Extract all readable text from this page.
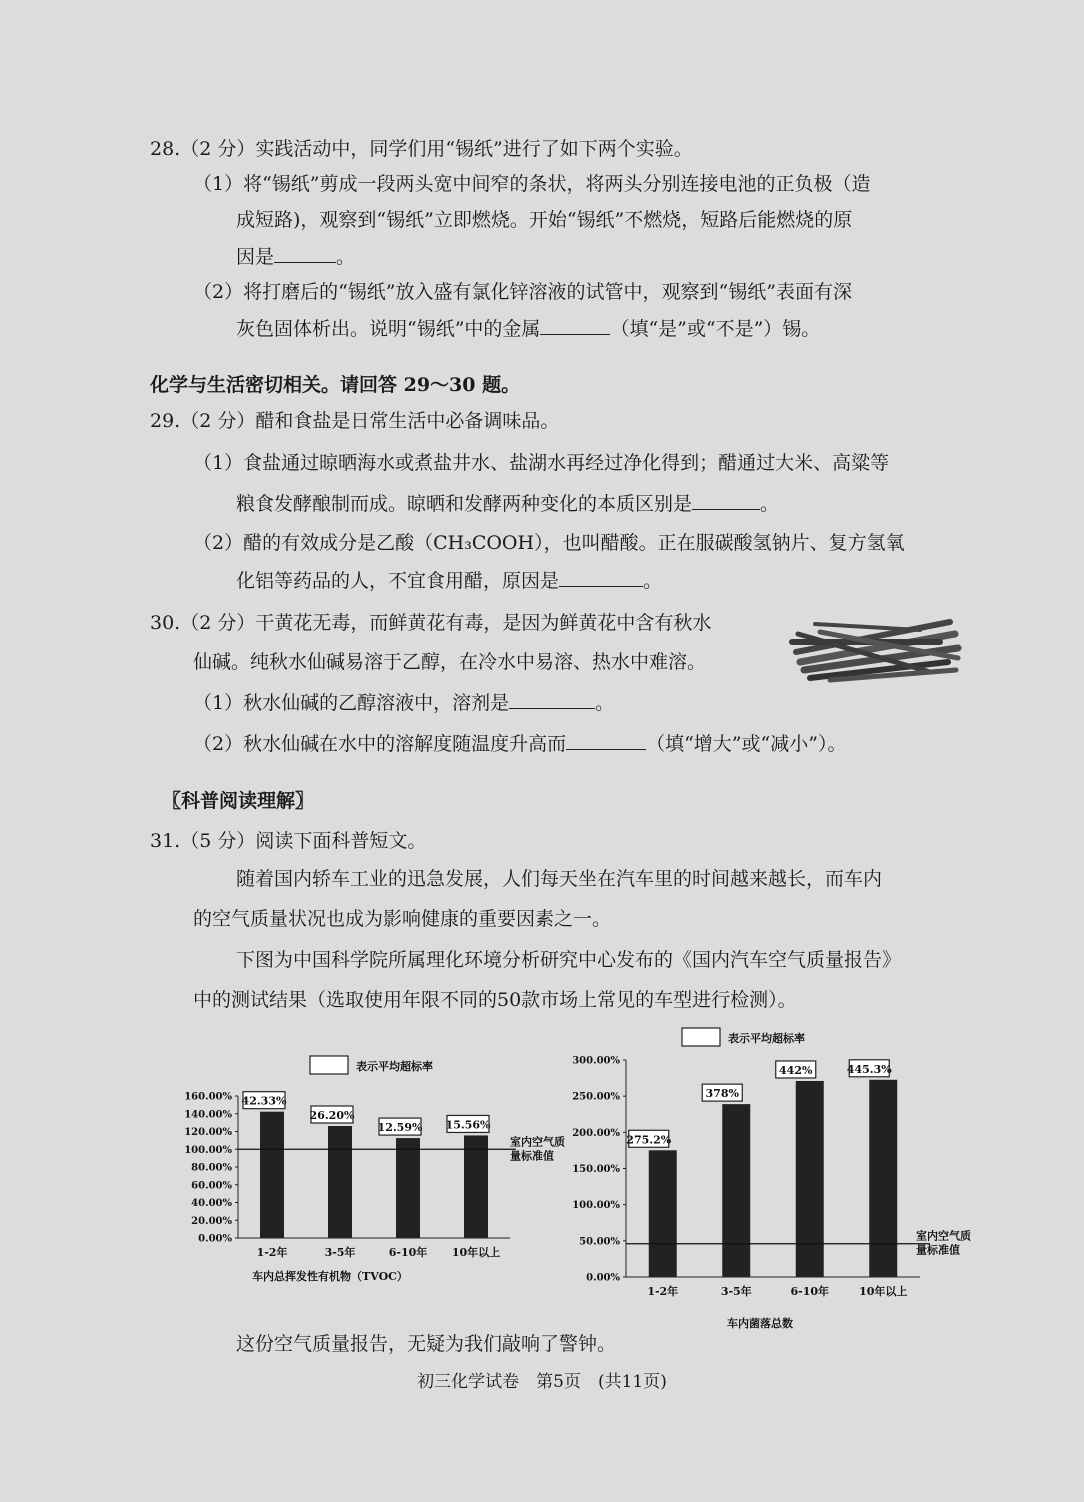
28.（2 分）实践活动中，同学们用“锡纸”进行了如下两个实验。
（1）将“锡纸”剪成一段两头宽中间窄的条状，将两头分别连接电池的正负极（造
成短路)，观察到“锡纸”立即燃烧。开始“锡纸”不燃烧，短路后能燃烧的原
因是	。
（2）将打磨后的“锡纸”放入盛有氯化锌溶液的试管中，观察到“锡纸”表面有深
灰色固体析出。说明“锡纸”中的金属	（填“是”或“不是”）锡。
化学与生活密切相关。请回答 29～30 题。
29.（2 分）醋和食盐是日常生活中必备调味品。
（1）食盐通过晾晒海水或煮盐井水、盐湖水再经过净化得到；醋通过大米、高粱等
粮食发酵酿制而成。晾晒和发酵两种变化的本质区别是	。
（2）醋的有效成分是乙酸（CH₃COOH），也叫醋酸。正在服碳酸氢钠片、复方氢氧
化铝等药品的人，不宜食用醋，原因是	。
30.（2 分）干黄花无毒，而鲜黄花有毒，是因为鲜黄花中含有秋水
仙碱。纯秋水仙碱易溶于乙醇，在冷水中易溶、热水中难溶。
（1）秋水仙碱的乙醇溶液中，溶剂是	。
（2）秋水仙碱在水中的溶解度随温度升高而	（填“增大”或“减小”）。
〖科普阅读理解〗
31.（5 分）阅读下面科普短文。
随着国内轿车工业的迅急发展，人们每天坐在汽车里的时间越来越长，而车内
的空气质量状况也成为影响健康的重要因素之一。
下图为中国科学院所属理化环境分析研究中心发布的《国内汽车空气质量报告》
中的测试结果（选取使用年限不同的50款市场上常见的车型进行检测）。
表示平均超标率
0.00%
20.00%
40.00%
60.00%
80.00%
100.00%
120.00%
140.00%
160.00% 42.33%
1-2年
26.20%
3-5年
12.59%
6-10年
15.56%
10年以上
室内空气质
量标准值
车内总挥发性有机物（TVOC）
表示平均超标率
0.00%
50.00%
100.00%
150.00%
200.00%
250.00%
300.00%
275.2%
1-2年
378%
3-5年
442%
6-10年
445.3%
10年以上
室内空气质
量标准值
车内菌落总数
这份空气质量报告，无疑为我们敲响了警钟。
初三化学试卷　第5页　(共11页)
